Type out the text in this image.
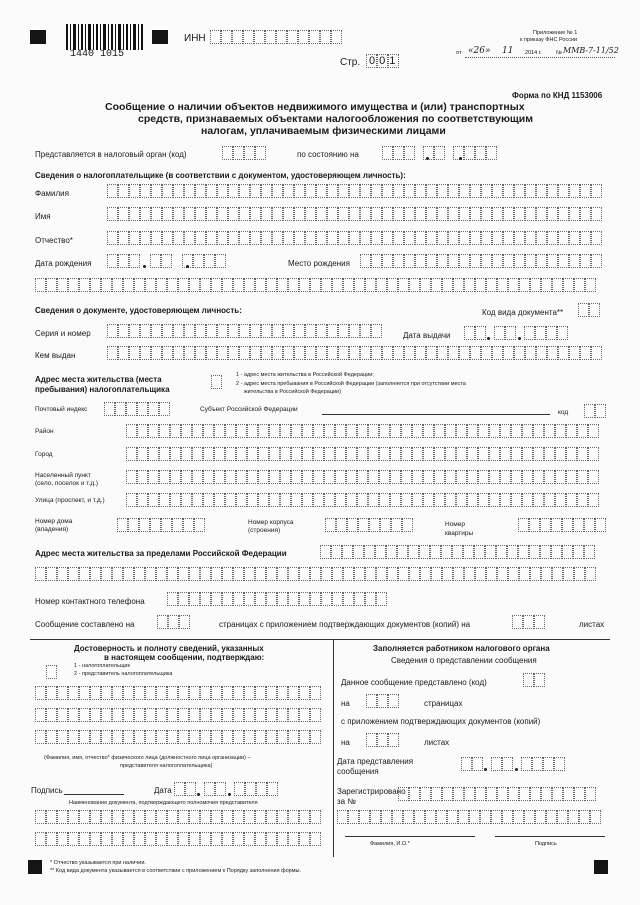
1440 1015
ИНН
Стр. 001
Приложение № 1
к приказу ФНС России
от «26» 11 2014 г.	№ ММВ-7-11/52
Форма по КНД 1153006
Сообщение о наличии объектов недвижимого имущества и (или) транспортных
средств, признаваемых объектами налогообложения по соответствующим
налогам, уплачиваемым физическими лицами
Представляется в налоговый орган (код)	по состоянию на
Сведения о налогоплательщике (в соответствии с документом, удостоверяющем личность):
Фамилия
Имя
Отчество*
Дата рождения	Место рождения
Сведения о документе, удостоверяющем личность:	Код вида документа**
Серия и номер	Дата выдачи
Кем выдан
Адрес места жительства (места
пребывания) налогоплательщика
1 - адрес места жительства в Российской Федерации;
2 - адрес места пребывания в Российской Федерации (заполняется при отсутствии места
жительства в Российской Федерации)
Почтовый индекс	Субъект Российской Федерации	код
Район
Город
Населенный пункт
(село, поселок и т.д.)
Улица (проспект, и т.д.)
Номер дома
(владения)
Номер корпуса
(строения)
Номер
квартиры
Адрес места жительства за пределами Российской Федерации
Номер контактного телефона
Сообщение составлено на	страницах с приложением подтверждающих документов (копий) на	листах
Достоверность и полноту сведений, указанных
в настоящем сообщении, подтверждаю:
1 - налогоплательщик
2 - представитель налогоплательщика
(Фамилия, имя, отчество* физического лица (должностного лица организации) –
представителя налогоплательщика)
Подпись	Дата
Наименование документа, подтверждающего полномочия представителя
Заполняется работником налогового органа
Сведения о представлении сообщения
Данное сообщение представлено (код)
на	страницах
с приложением подтверждающих документов (копий)
на	листах
Дата представления
сообщения
Зарегистрировано
за №
Фамилия, И.О.*	Подпись
* Отчество указывается при наличии.
** Код вида документа указывается в соответствии с приложением к Порядку заполнения формы.
